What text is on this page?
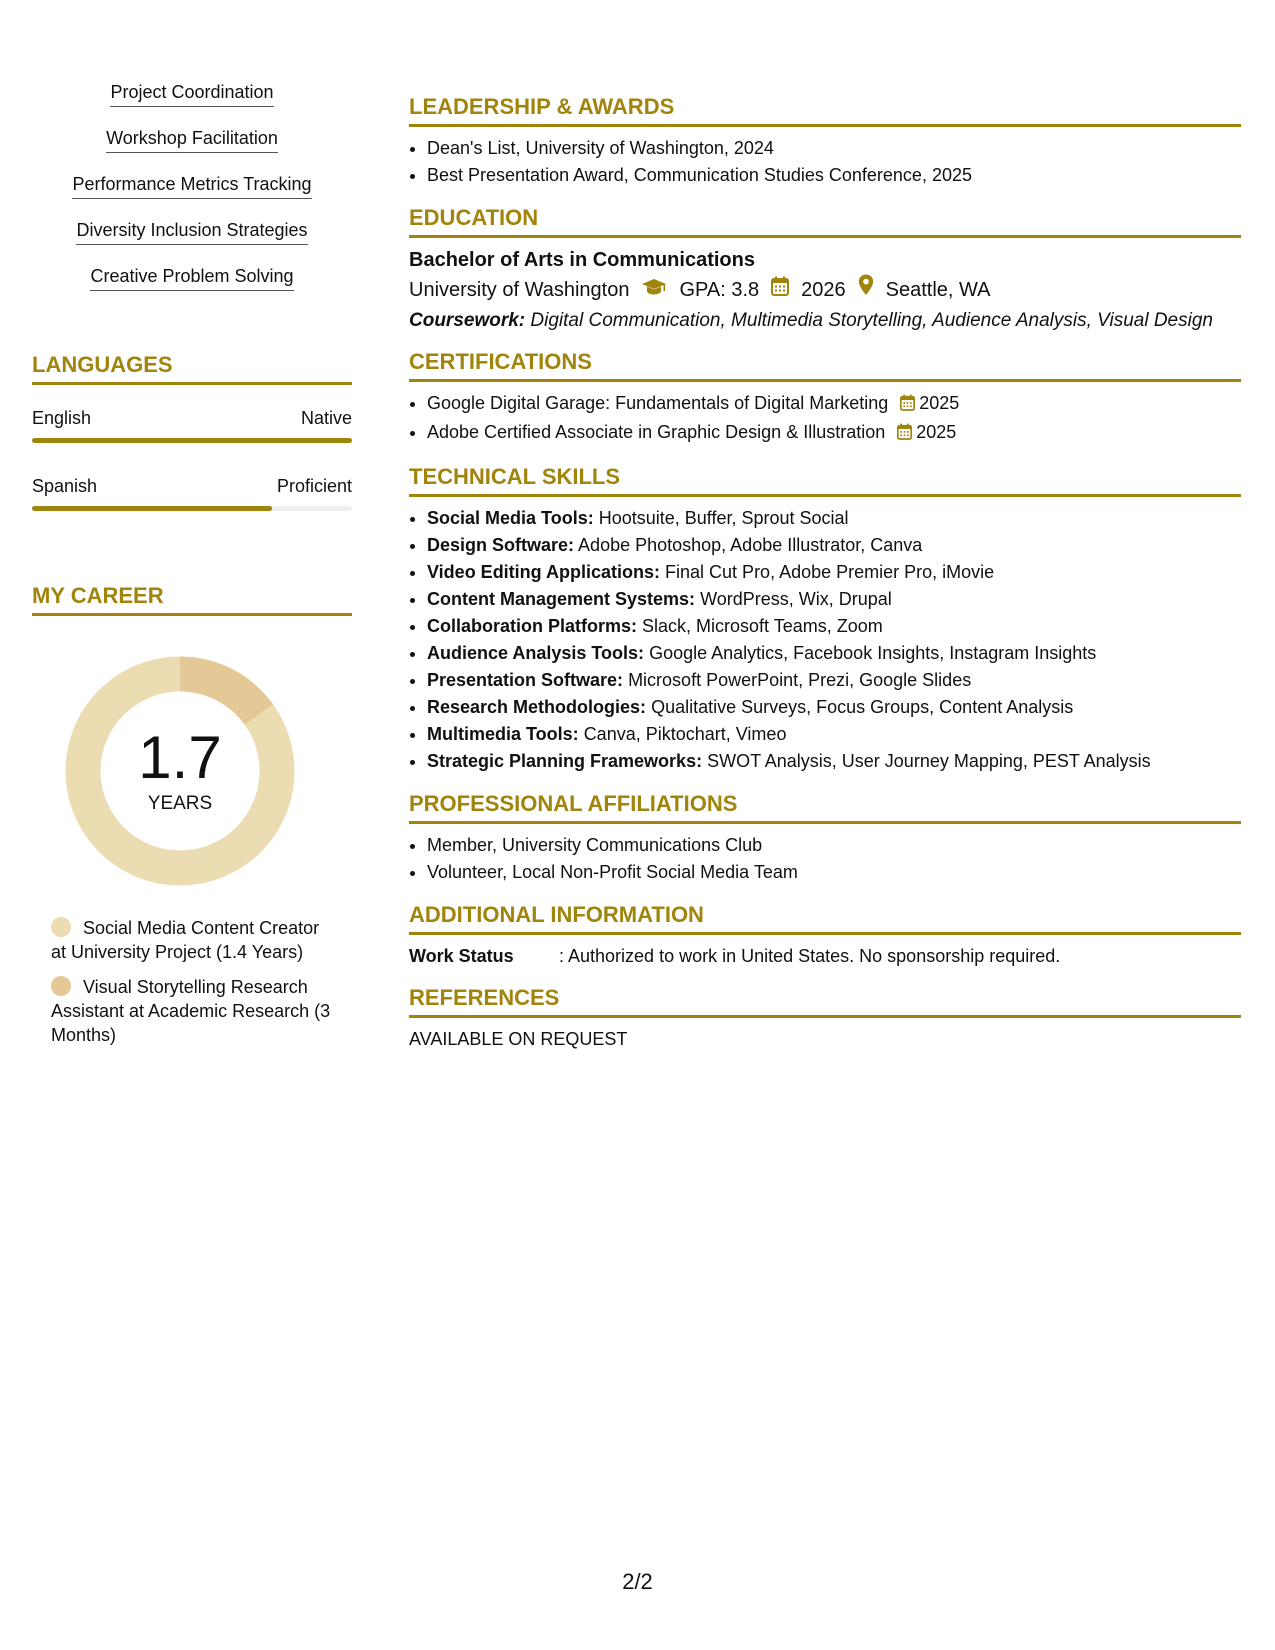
Project Coordination
Workshop Facilitation
Performance Metrics Tracking
Diversity Inclusion Strategies
Creative Problem Solving
LANGUAGES
English	Native
Spanish	Proficient
MY CAREER
1.7
YEARS
Social Media Content Creator at University Project (1.4 Years)
Visual Storytelling Research Assistant at Academic Research (3 Months)
LEADERSHIP & AWARDS
• Dean's List, University of Washington, 2024
• Best Presentation Award, Communication Studies Conference, 2025
EDUCATION
Bachelor of Arts in Communications
University of Washington	GPA: 3.8 2026 Seattle, WA
Coursework: Digital Communication, Multimedia Storytelling, Audience Analysis, Visual Design
CERTIFICATIONS
• Google Digital Garage: Fundamentals of Digital Marketing 2025
• Adobe Certified Associate in Graphic Design & Illustration 2025
TECHNICAL SKILLS
• Social Media Tools: Hootsuite, Buffer, Sprout Social
• Design Software: Adobe Photoshop, Adobe Illustrator, Canva
• Video Editing Applications: Final Cut Pro, Adobe Premier Pro, iMovie
• Content Management Systems: WordPress, Wix, Drupal
• Collaboration Platforms: Slack, Microsoft Teams, Zoom
• Audience Analysis Tools: Google Analytics, Facebook Insights, Instagram Insights
• Presentation Software: Microsoft PowerPoint, Prezi, Google Slides
• Research Methodologies: Qualitative Surveys, Focus Groups, Content Analysis
• Multimedia Tools: Canva, Piktochart, Vimeo
• Strategic Planning Frameworks: SWOT Analysis, User Journey Mapping, PEST Analysis
PROFESSIONAL AFFILIATIONS
• Member, University Communications Club
• Volunteer, Local Non-Profit Social Media Team
ADDITIONAL INFORMATION
Work Status	: Authorized to work in United States. No sponsorship required.
REFERENCES
AVAILABLE ON REQUEST
2/2
